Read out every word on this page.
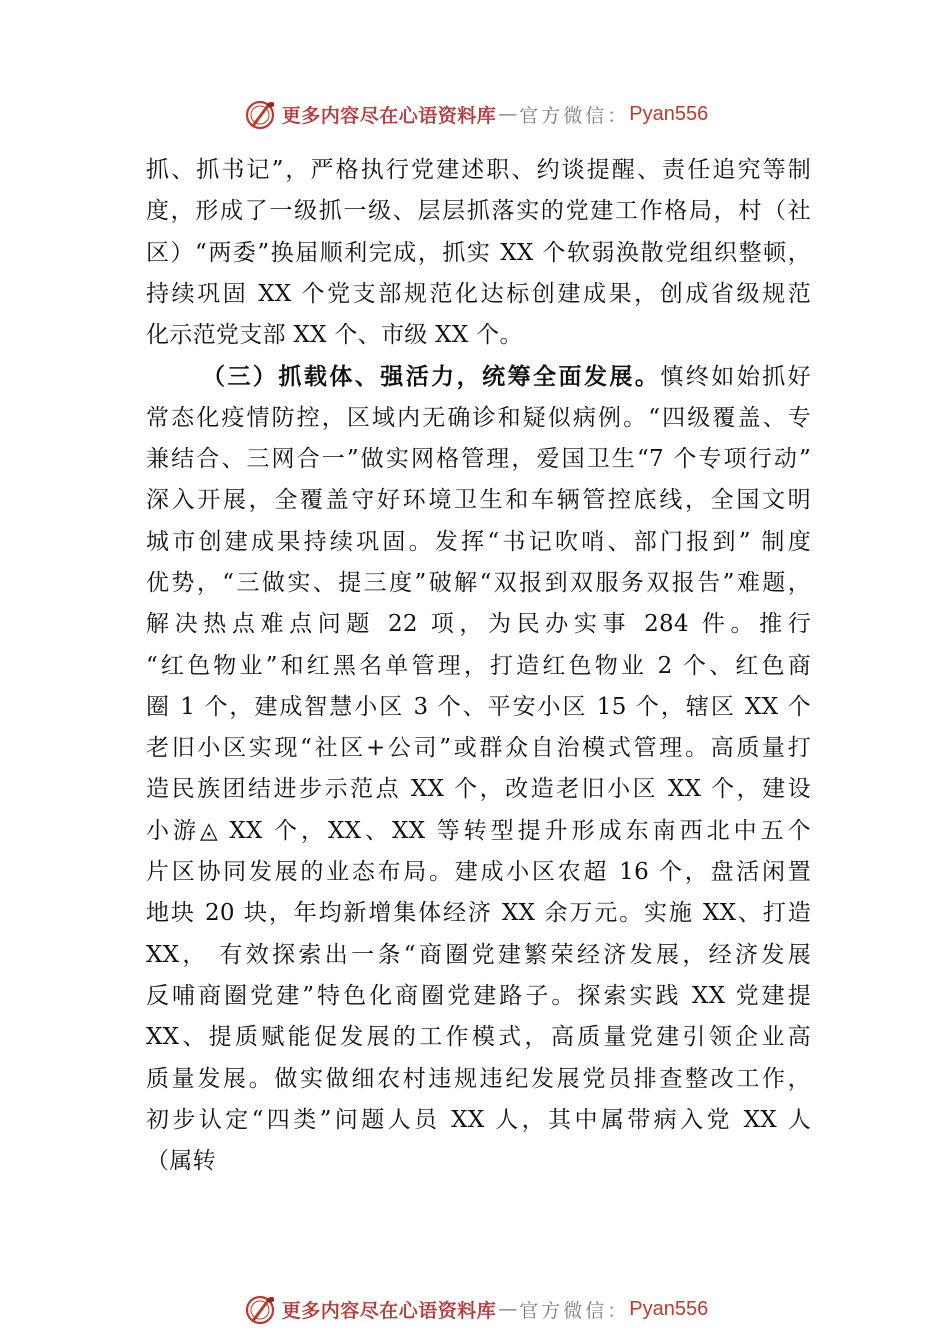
更多内容尽在心语资料库 — 官方微信： Pyan556
抓、抓书记”，严格执行党建述职、约谈提醒、责任追究等制
度，形成了一级抓一级、层层抓落实的党建工作格局，村（社
区）“两委”换届顺利完成，抓实 XX 个软弱涣散党组织整顿，
持续巩固 XX 个党支部规范化达标创建成果，创成省级规范
化示范党支部 XX 个、市级 XX 个。
（三）抓载体、强活力，统筹全面发展。慎终如始抓好
常态化疫情防控，区域内无确诊和疑似病例。“四级覆盖、专
兼结合、三网合一”做实网格管理，爱国卫生“7 个专项行动”
深入开展，全覆盖守好环境卫生和车辆管控底线，全国文明
城市创建成果持续巩固。发挥“书记吹哨、部门报到” 制度
优势，“三做实、提三度”破解“双报到双服务双报告”难题，
解决热点难点问题 22 项，为民办实事 284 件。推行
“红色物业”和红黑名单管理，打造红色物业 2 个、红色商
圈 1 个，建成智慧小区 3 个、平安小区 15 个，辖区 XX 个
老旧小区实现“社区+公司”或群众自治模式管理。高质量打
造民族团结进步示范点 XX 个，改造老旧小区 XX 个，建设
小游◬ XX 个，XX、XX 等转型提升形成东南西北中五个
片区协同发展的业态布局。建成小区农超 16 个，盘活闲置
地块 20 块，年均新增集体经济 XX 余万元。实施 XX、打造
XX， 有效探索出一条“商圈党建繁荣经济发展，经济发展
反哺商圈党建”特色化商圈党建路子。探索实践 XX 党建提
XX、提质赋能促发展的工作模式，高质量党建引领企业高
质量发展。做实做细农村违规违纪发展党员排查整改工作，
初步认定“四类”问题人员 XX 人，其中属带病入党 XX 人
（属转
更多内容尽在心语资料库 — 官方微信： Pyan556
